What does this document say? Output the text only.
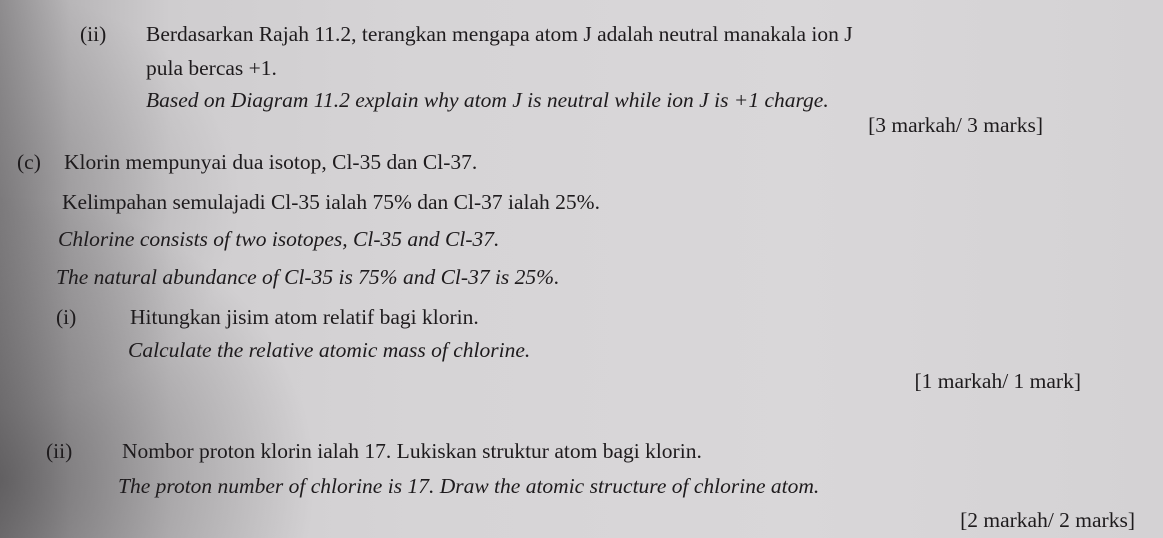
(ii) Berdasarkan Rajah 11.2, terangkan mengapa atom J adalah neutral manakala ion J
pula bercas +1.
Based on Diagram 11.2 explain why atom J is neutral while ion J is +1 charge.
[3 markah/ 3 marks]
(c) Klorin mempunyai dua isotop, Cl-35 dan Cl-37.
Kelimpahan semulajadi Cl-35 ialah 75% dan Cl-37 ialah 25%.
Chlorine consists of two isotopes, Cl-35 and Cl-37.
The natural abundance of Cl-35 is 75% and Cl-37 is 25%.
(i) Hitungkan jisim atom relatif bagi klorin.
Calculate the relative atomic mass of chlorine.
[1 markah/ 1 mark]
(ii) Nombor proton klorin ialah 17. Lukiskan struktur atom bagi klorin.
The proton number of chlorine is 17. Draw the atomic structure of chlorine atom.
[2 markah/ 2 marks]
